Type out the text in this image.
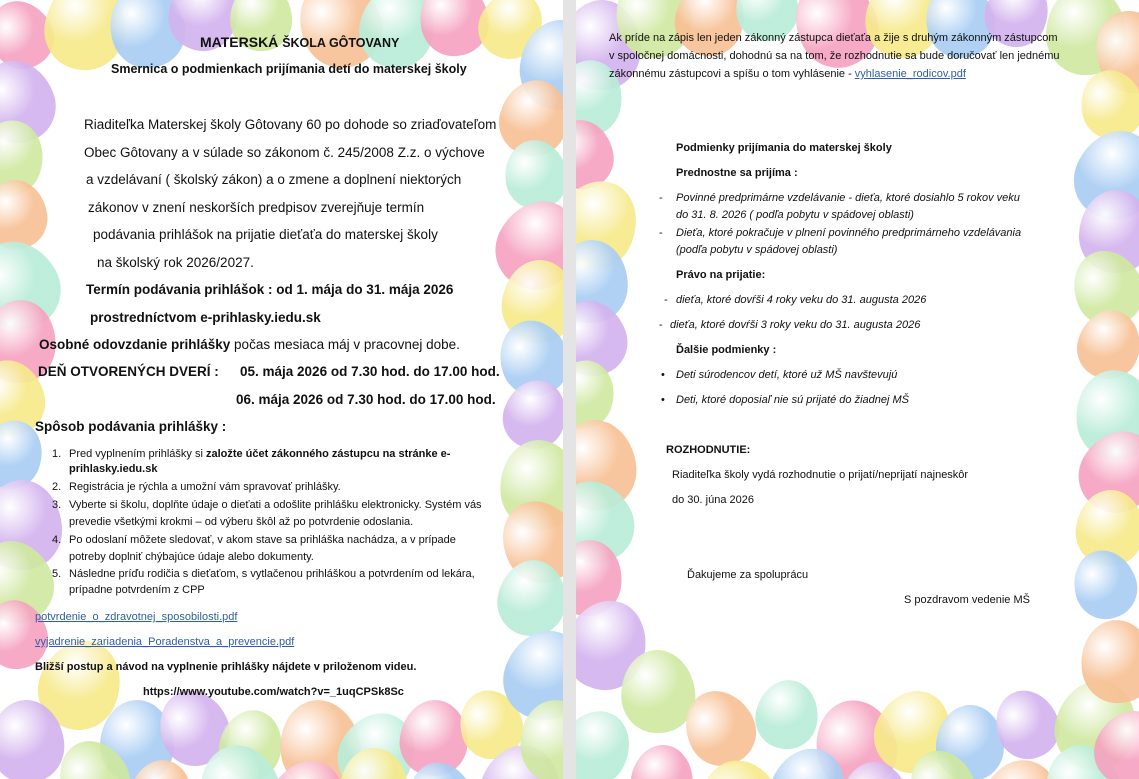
MATERSKÁ ŠKOLA GÔTOVANY

Smernica o podmienkach prijímania detí do materskej školy

Riaditeľka Materskej školy Gôtovany 60 po dohode so zriaďovateľom

Obec Gôtovany a v súlade so zákonom č. 245/2008 Z.z. o výchove

a vzdelávaní ( školský zákon) a o zmene a doplnení niektorých

zákonov v znení neskorších predpisov zverejňuje termín

podávania prihlášok na prijatie dieťaťa do materskej školy

na školský rok 2026/2027.

Termín podávania prihlášok : od 1. mája do 31. mája 2026

prostredníctvom e-prihlasky.iedu.sk

Osobné odovzdanie prihlášky počas mesiaca máj v pracovnej dobe.

DEŇ OTVORENÝCH DVERÍ : 05. mája 2026 od 7.30 hod. do 17.00 hod.

06. mája 2026 od 7.30 hod. do 17.00 hod.

Spôsob podávania prihlášky :

1. Pred vyplnením prihlášky si založte účet zákonného zástupcu na stránke e-

prihlasky.iedu.sk

2. Registrácia je rýchla a umožní vám spravovať prihlášky.

3. Vyberte si školu, doplňte údaje o dieťati a odošlite prihlášku elektronicky. Systém vás

prevedie všetkými krokmi – od výberu škôl až po potvrdenie odoslania.

4. Po odoslaní môžete sledovať, v akom stave sa prihláška nachádza, a v prípade

potreby doplniť chýbajúce údaje alebo dokumenty.

5. Následne príďu rodičia s dieťaťom, s vytlačenou prihláškou a potvrdením od lekára,

prípadne potvrdením z CPP

potvrdenie_o_zdravotnej_sposobilosti.pdf
vyjadrenie_zariadenia_Poradenstva_a_prevencie.pdf

Bližší postup a návod na vyplnenie prihlášky nájdete v priloženom videu.

https://www.youtube.com/watch?v=_1uqCPSk8Sc

Ak príde na zápis len jeden zákonný zástupca dieťaťa a žije s druhým zákonným zástupcom

v spoločnej domácnosti, dohodnú sa na tom, že rozhodnutie sa bude doručovať len jednému

zákonnému zástupcovi a spíšu o tom vyhlásenie - vyhlasenie_rodicov.pdf

Podmienky prijímania do materskej školy

Prednostne sa prijíma :

- Povinné predprimárne vzdelávanie - dieťa, ktoré dosiahlo 5 rokov veku

do 31. 8. 2026 ( podľa pobytu v spádovej oblasti)

- Dieťa, ktoré pokračuje v plnení povinného predprimárneho vzdelávania

(podľa pobytu v spádovej oblasti)

Právo na prijatie:

- dieťa, ktoré dovŕši 4 roky veku do 31. augusta 2026

- dieťa, ktoré dovŕši 3 roky veku do 31. augusta 2026

Ďalšie podmienky :

• Deti súrodencov detí, ktoré už MŠ navštevujú

• Deti, ktoré doposiaľ nie sú prijaté do žiadnej MŠ

ROZHODNUTIE:

Riaditeľka školy vydá rozhodnutie o prijatí/neprijatí najneskôr

do 30. júna 2026

Ďakujeme za spoluprácu

S pozdravom vedenie MŠ
